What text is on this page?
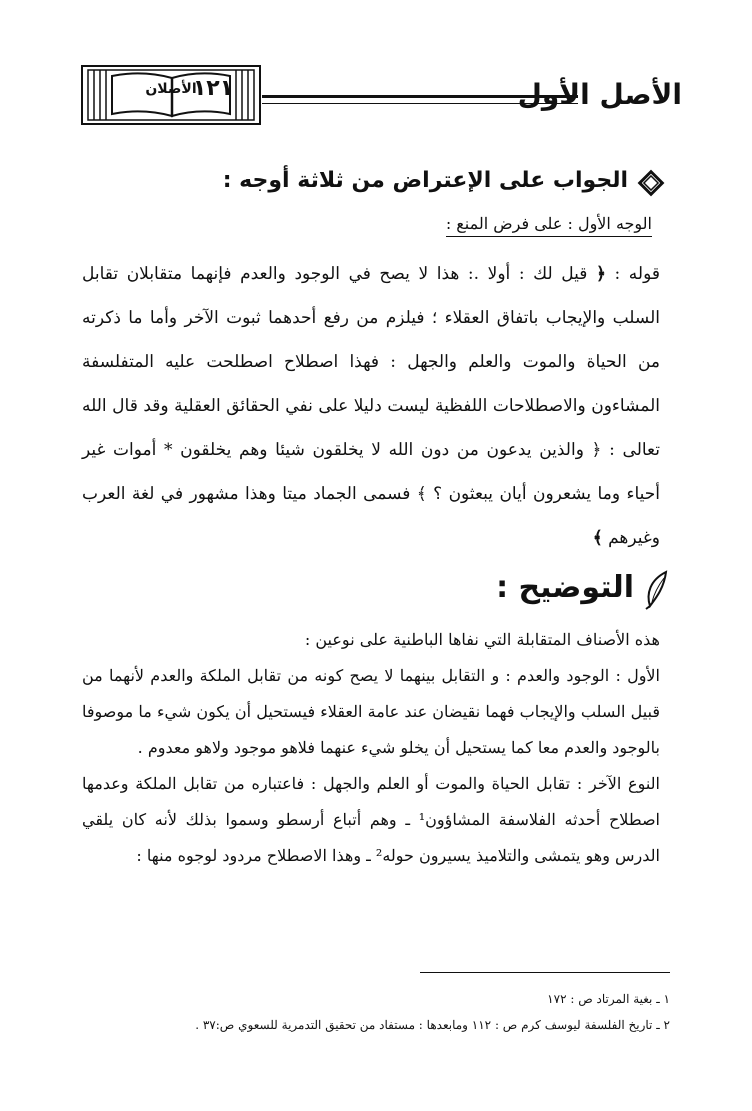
الأصل الأول
الأصلان
١٢١
الجواب على الإعتراض من ثلاثة أوجه :
الوجه الأول : على فرض المنع :
قوله : ﴿ قيل لك : أولا .: هذا لا يصح في الوجود والعدم فإنهما متقابلان تقابل السلب والإيجاب باتفاق العقلاء ؛ فيلزم من رفع أحدهما ثبوت الآخر وأما ما ذكرته من الحياة والموت والعلم والجهل : فهذا اصطلاح اصطلحت عليه المتفلسفة المشاءون والاصطلاحات اللفظية ليست دليلا على نفي الحقائق العقلية وقد قال الله تعالى : ﴿ والذين يدعون من دون الله لا يخلقون شيئا وهم يخلقون * أموات غير أحياء وما يشعرون أيان يبعثون ؟ ﴾ فسمى الجماد ميتا وهذا مشهور في لغة العرب وغيرهم ﴾
التوضيح :

هذه الأصناف المتقابلة التي نفاها الباطنية على نوعين :

الأول : الوجود والعدم : و التقابل بينهما لا يصح كونه من تقابل الملكة والعدم لأنهما من قبيل السلب والإيجاب فهما نقيضان عند عامة العقلاء فيستحيل أن يكون شيء ما موصوفا بالوجود والعدم معا كما يستحيل أن يخلو شيء عنهما فلاهو موجود ولاهو معدوم .

النوع الآخر : تقابل الحياة والموت أو العلم والجهل : فاعتباره من تقابل الملكة وعدمها اصطلاح أحدثه الفلاسفة المشاؤون¹ ـ وهم أتباع أرسطو وسموا بذلك لأنه كان يلقي الدرس وهو يتمشى والتلاميذ يسيرون حوله² ـ وهذا الاصطلاح مردود لوجوه منها :

١ ـ بغية المرتاد ص : ١٧٢
٢ ـ تاريخ الفلسفة ليوسف كرم ص : ١١٢ ومابعدها : مستفاد من تحقيق التدمرية للسعوي ص:٣٧ .
